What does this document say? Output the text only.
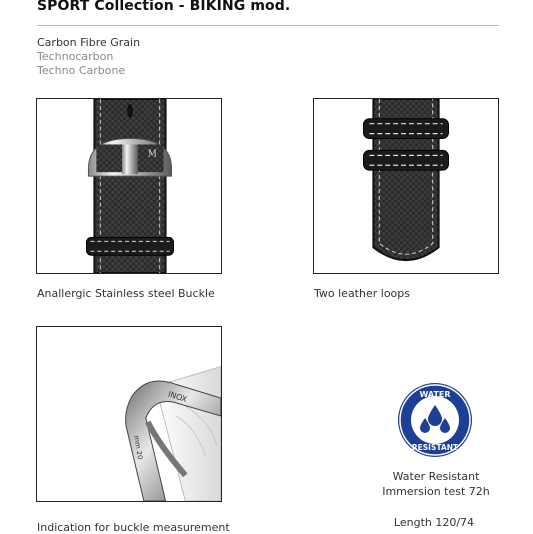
SPORT Collection - BIKING mod.
Carbon Fibre Grain
Technocarbon
Techno Carbone
M
INOX
mm 20
Anallergic Stainless steel Buckle	Two leather loops
Indication for buckle measurement
WATER
RESISTANT
Water Resistant
Immersion test 72h
Length 120/74
